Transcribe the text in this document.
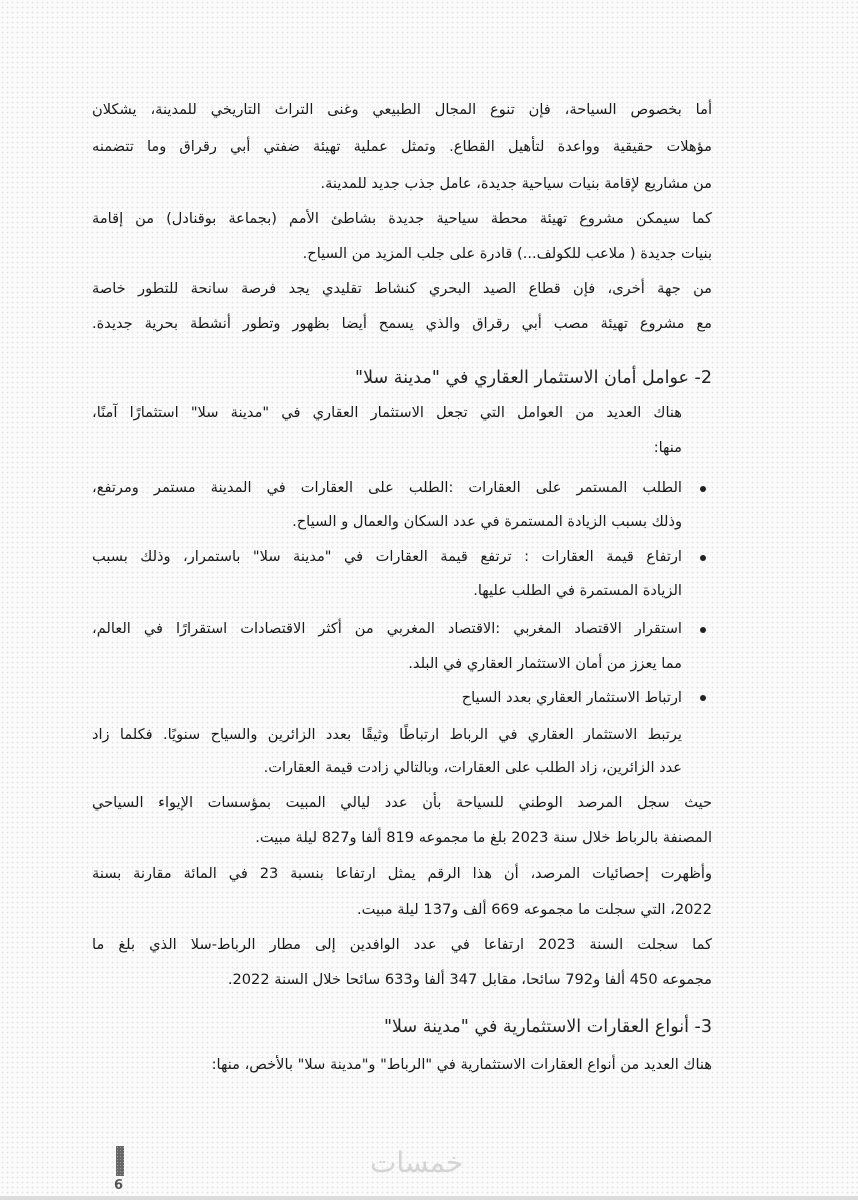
أما بخصوص السياحة، فإن تنوع المجال الطبيعي وغنى التراث التاريخي للمدينة، يشكلان
مؤهلات حقيقية وواعدة لتأهيل القطاع. وتمثل عملية تهيئة ضفتي أبي رقراق وما تتضمنه
من مشاريع لإقامة بنيات سياحية جديدة، عامل جذب جديد للمدينة.
كما سيمكن مشروع تهيئة محطة سياحية جديدة بشاطئ الأمم (بجماعة بوقنادل) من إقامة
بنيات جديدة ( ملاعب للكولف...) قادرة على جلب المزيد من السياح.
من جهة أخرى، فإن قطاع الصيد البحري كنشاط تقليدي يجد فرصة سانحة للتطور خاصة
مع مشروع تهيئة مصب أبي رقراق والذي يسمح أيضا بظهور وتطور أنشطة بحرية جديدة.
2- عوامل أمان الاستثمار العقاري في "مدينة سلا"
هناك العديد من العوامل التي تجعل الاستثمار العقاري في "مدينة سلا" استثمارًا آمنًا،
منها:
الطلب المستمر على العقارات :الطلب على العقارات في المدينة مستمر ومرتفع،
وذلك بسبب الزيادة المستمرة في عدد السكان والعمال و السياح.
ارتفاع قيمة العقارات : ترتفع قيمة العقارات في "مدينة سلا" باستمرار، وذلك بسبب
الزيادة المستمرة في الطلب عليها.
استقرار الاقتصاد المغربي :الاقتصاد المغربي من أكثر الاقتصادات استقرارًا في العالم،
مما يعزز من أمان الاستثمار العقاري في البلد.
ارتباط الاستثمار العقاري بعدد السياح
يرتبط الاستثمار العقاري في الرباط ارتباطًا وثيقًا بعدد الزائرين والسياح سنويًا. فكلما زاد
عدد الزائرين، زاد الطلب على العقارات، وبالتالي زادت قيمة العقارات.
حيث سجل المرصد الوطني للسياحة بأن عدد ليالي المبيت بمؤسسات الإيواء السياحي
المصنفة بالرباط خلال سنة 2023 بلغ ما مجموعه 819 ألفا و827 ليلة مبيت.
وأظهرت إحصائيات المرصد، أن هذا الرقم يمثل ارتفاعا بنسبة 23 في المائة مقارنة بسنة
2022، التي سجلت ما مجموعه 669 ألف و137 ليلة مبيت.
كما سجلت السنة 2023 ارتفاعا في عدد الوافدين إلى مطار الرباط-سلا الذي بلغ ما
مجموعه 450 ألفا و792 سائحا، مقابل 347 ألفا و633 سائحا خلال السنة 2022.
3- أنواع العقارات الاستثمارية في "مدينة سلا"
هناك العديد من أنواع العقارات الاستثمارية في "الرباط" و"مدينة سلا" بالأخص، منها:
خمسات
6
